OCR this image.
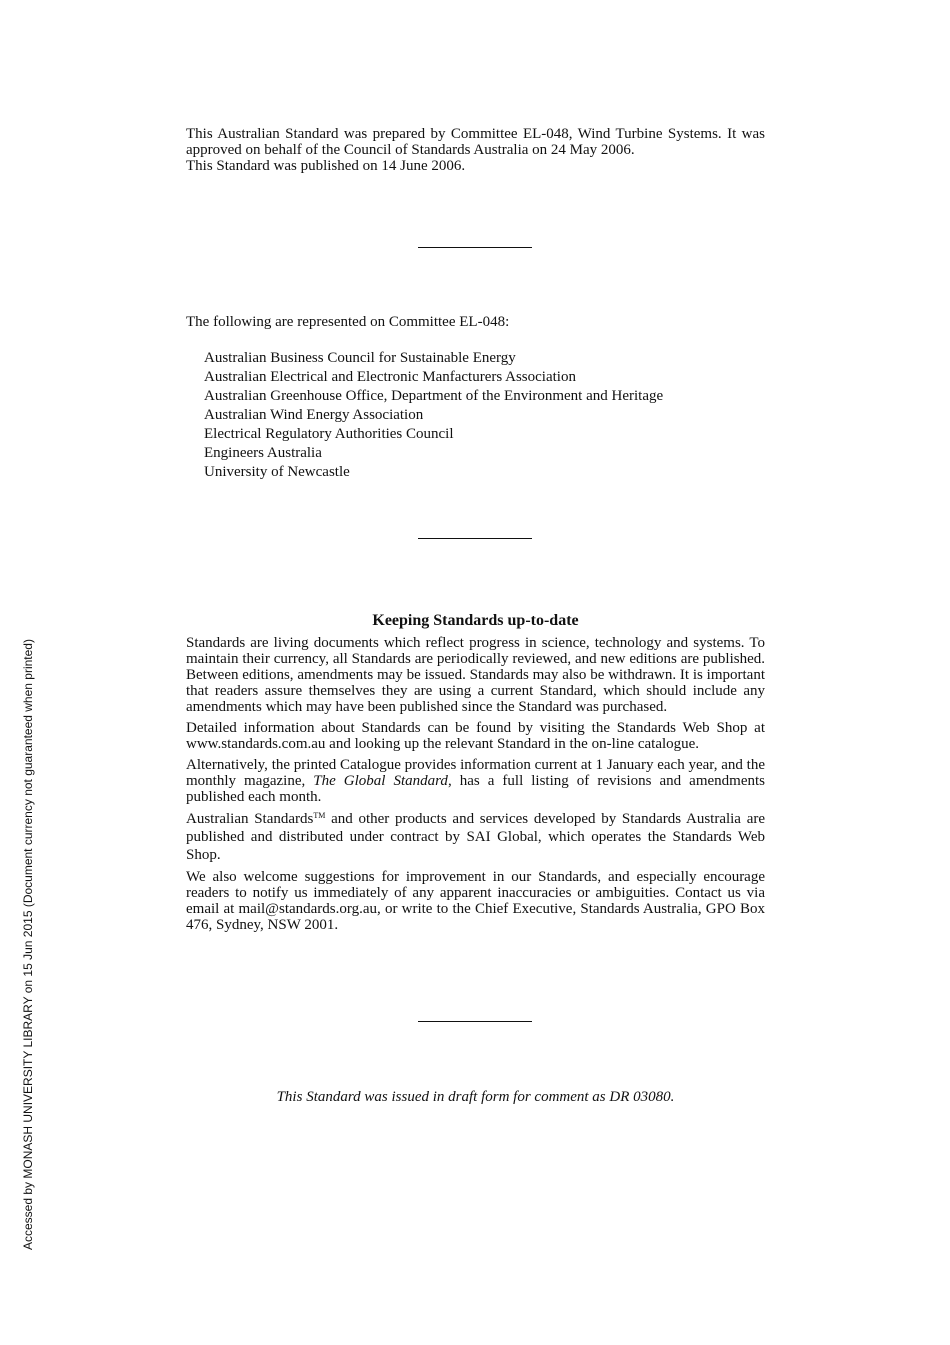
This Australian Standard was prepared by Committee EL-048, Wind Turbine Systems. It was approved on behalf of the Council of Standards Australia on 24 May 2006.

This Standard was published on 14 June 2006.

The following are represented on Committee EL-048:

Australian Business Council for Sustainable Energy
Australian Electrical and Electronic Manfacturers Association
Australian Greenhouse Office, Department of the Environment and Heritage
Australian Wind Energy Association
Electrical Regulatory Authorities Council
Engineers Australia
University of Newcastle
Keeping Standards up-to-date

Standards are living documents which reflect progress in science, technology and systems. To maintain their currency, all Standards are periodically reviewed, and new editions are published. Between editions, amendments may be issued. Standards may also be withdrawn. It is important that readers assure themselves they are using a current Standard, which should include any amendments which may have been published since the Standard was purchased.

Detailed information about Standards can be found by visiting the Standards Web Shop at www.standards.com.au and looking up the relevant Standard in the on-line catalogue.

Alternatively, the printed Catalogue provides information current at 1 January each year, and the monthly magazine, The Global Standard, has a full listing of revisions and amendments published each month.

Australian Standards™ and other products and services developed by Standards Australia are published and distributed under contract by SAI Global, which operates the Standards Web Shop.

We also welcome suggestions for improvement in our Standards, and especially encourage readers to notify us immediately of any apparent inaccuracies or ambiguities. Contact us via email at mail@standards.org.au, or write to the Chief Executive, Standards Australia, GPO Box 476, Sydney, NSW 2001.

This Standard was issued in draft form for comment as DR 03080.

Accessed by MONASH UNIVERSITY LIBRARY on 15 Jun 2015 (Document currency not guaranteed when printed)
